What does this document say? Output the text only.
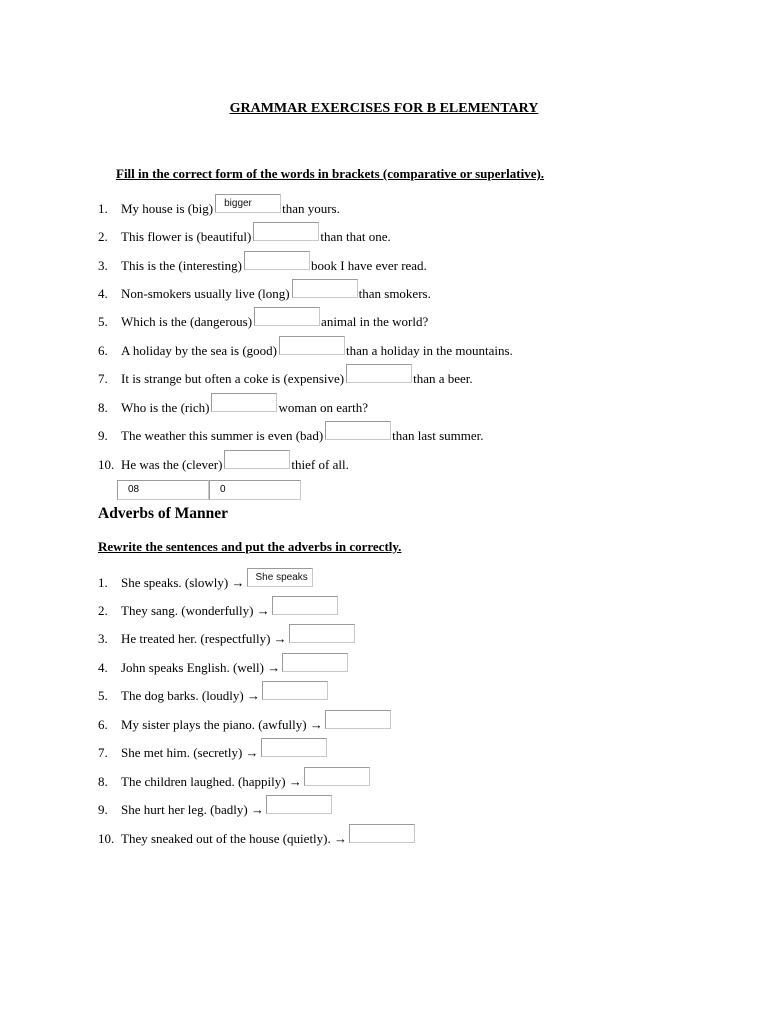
GRAMMAR EXERCISES FOR B ELEMENTARY
Fill in the correct form of the words in brackets (comparative or superlative).
1.	My house is (big)	bigger	than yours.
2.	This flower is (beautiful)	than that one.
3.	This is the (interesting)	book I have ever read.
4.	Non-smokers usually live (long)	than smokers.
5.	Which is the (dangerous)	animal in the world?
6.	A holiday by the sea is (good)	than a holiday in the mountains.
7.	It is strange but often a coke is (expensive)	than a beer.
8.	Who is the (rich)	woman on earth?
9.	The weather this summer is even (bad)	than last summer.
10. He was the (clever)	thief of all.
08	0
Adverbs of Manner
Rewrite the sentences and put the adverbs in correctly.
1.	She speaks. (slowly) →	She speaks
2.	They sang. (wonderfully) →
3.	He treated her. (respectfully) →
4.	John speaks English. (well) →
5.	The dog barks. (loudly) →
6.	My sister plays the piano. (awfully) →
7.	She met him. (secretly) →
8.	The children laughed. (happily) →
9.	She hurt her leg. (badly) →
10. They sneaked out of the house (quietly). →
